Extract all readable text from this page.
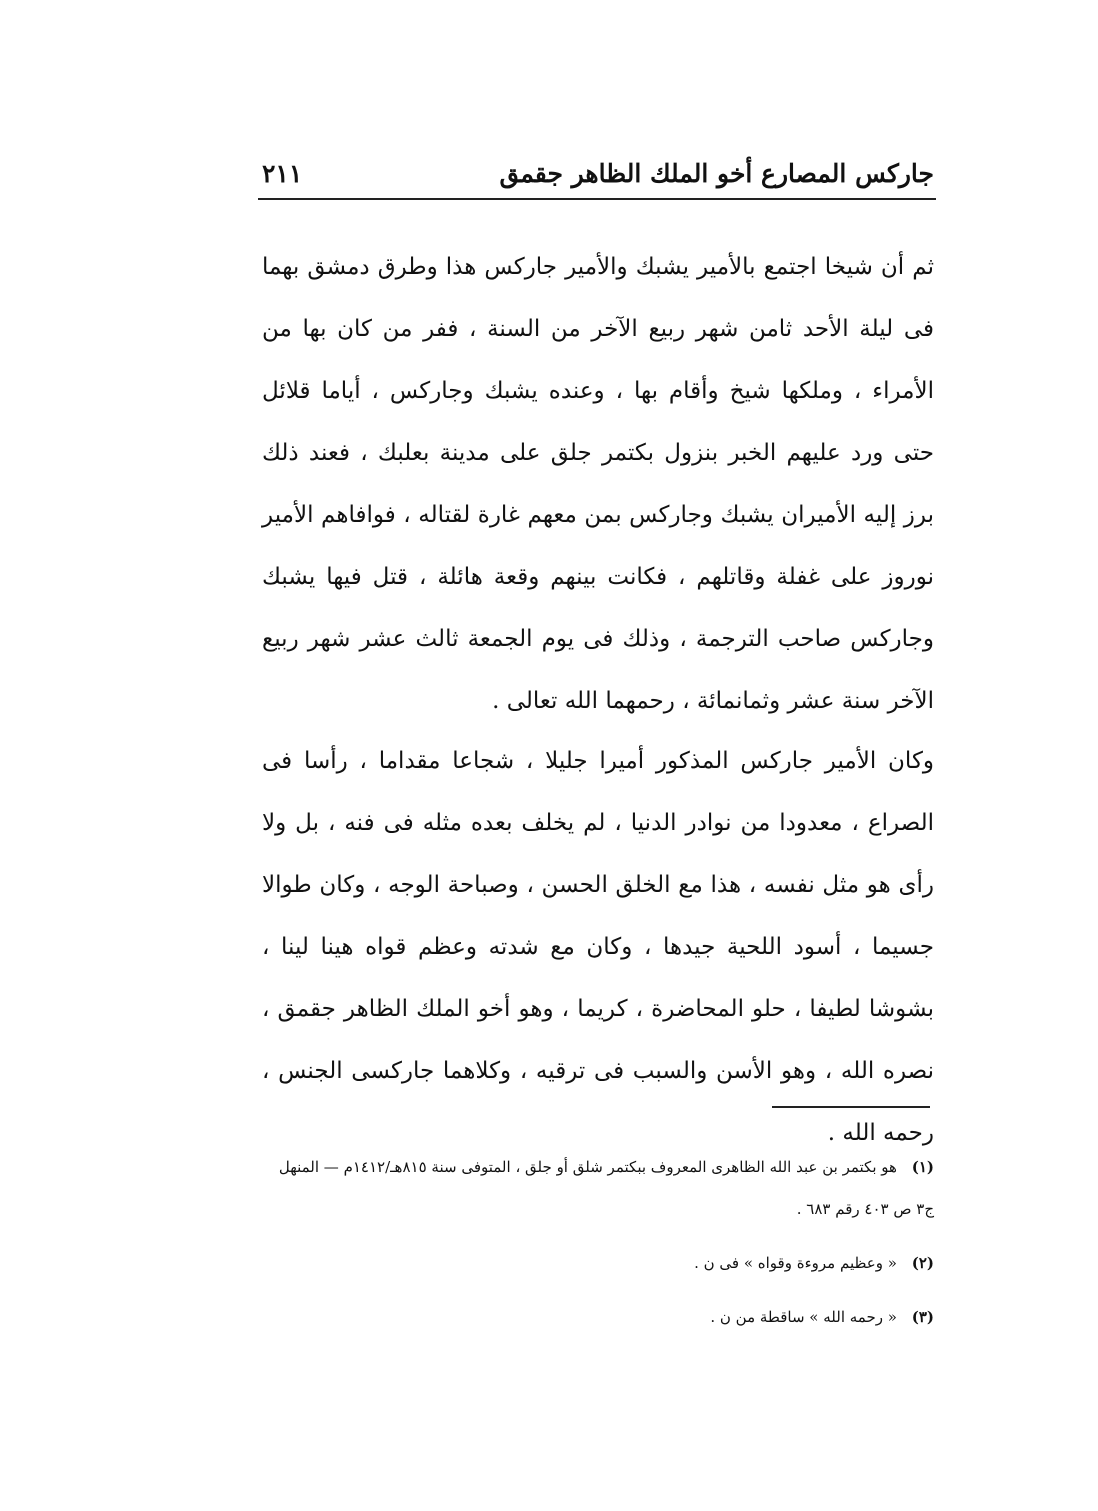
جاركس المصارع أخو الملك الظاهر جقمق
٢١١

ثم أن شيخا اجتمع بالأمير يشبك والأمير جاركس هذا وطرق دمشق بهما فى ليلة الأحد ثامن شهر ربيع الآخر من السنة ، ففر من كان بها من الأمراء ، وملكها شيخ وأقام بها ، وعنده يشبك وجاركس ، أياما قلائل حتى ورد عليهم الخبر بنزول بكتمر جلق على مدينة بعلبك ، فعند ذلك برز إليه الأميران يشبك وجاركس بمن معهم غارة لقتاله ، فوافاهم الأمير نوروز على غفلة وقاتلهم ، فكانت بينهم وقعة هائلة ، قتل فيها يشبك وجاركس صاحب الترجمة ، وذلك فى يوم الجمعة ثالث عشر شهر ربيع الآخر سنة عشر وثمانمائة ، رحمهما الله تعالى .

وكان الأمير جاركس المذكور أميرا جليلا ، شجاعا مقداما ، رأسا فى الصراع ، معدودا من نوادر الدنيا ، لم يخلف بعده مثله فى فنه ، بل ولا رأى هو مثل نفسه ، هذا مع الخلق الحسن ، وصباحة الوجه ، وكان طوالا جسيما ، أسود اللحية جيدها ، وكان مع شدته وعظم قواه هينا لينا ، بشوشا لطيفا ، حلو المحاضرة ، كريما ، وهو أخو الملك الظاهر جقمق ، نصره الله ، وهو الأسن والسبب فى ترقيه ، وكلاهما جاركسى الجنس ، رحمه الله .

(١) هو بكتمر بن عبد الله الظاهرى المعروف ببكتمر شلق أو جلق ، المتوفى سنة ٨١٥هـ/١٤١٢م — المنهل ج٣ ص ٤٠٣ رقم ٦٨٣ .

(٢) « وعظيم مروءة وقواه » فى ن .

(٣) « رحمه الله » ساقطة من ن .
